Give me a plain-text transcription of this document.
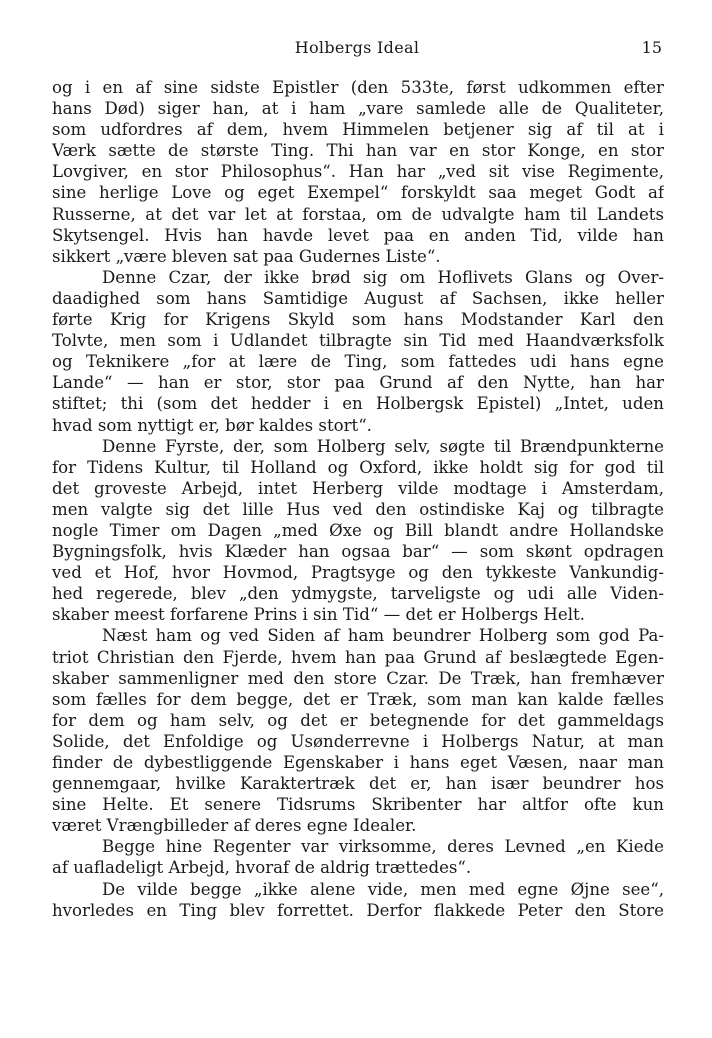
Holbergs Ideal	15
og i en af sine sidste Epistler (den 533te, først udkommen efter
hans Død) siger han, at i ham „vare samlede alle de Qualiteter,
som udfordres af dem, hvem Himmelen betjener sig af til at i
Værk sætte de største Ting. Thi han var en stor Konge, en stor
Lovgiver, en stor Philosophus“. Han har „ved sit vise Regimente,
sine herlige Love og eget Exempel“ forskyldt saa meget Godt af
Russerne, at det var let at forstaa, om de udvalgte ham til Landets
Skytsengel. Hvis han havde levet paa en anden Tid, vilde han
sikkert „være bleven sat paa Gudernes Liste“.
Denne Czar, der ikke brød sig om Hoflivets Glans og Over-
daadighed som hans Samtidige August af Sachsen, ikke heller
førte Krig for Krigens Skyld som hans Modstander Karl den
Tolvte, men som i Udlandet tilbragte sin Tid med Haandværksfolk
og Teknikere „for at lære de Ting, som fattedes udi hans egne
Lande“ — han er stor, stor paa Grund af den Nytte, han har
stiftet; thi (som det hedder i en Holbergsk Epistel) „Intet, uden
hvad som nyttigt er, bør kaldes stort“.
Denne Fyrste, der, som Holberg selv, søgte til Brændpunkterne
for Tidens Kultur, til Holland og Oxford, ikke holdt sig for god til
det groveste Arbejd, intet Herberg vilde modtage i Amsterdam,
men valgte sig det lille Hus ved den ostindiske Kaj og tilbragte
nogle Timer om Dagen „med Øxe og Bill blandt andre Hollandske
Bygningsfolk, hvis Klæder han ogsaa bar“ — som skønt opdragen
ved et Hof, hvor Hovmod, Pragtsyge og den tykkeste Vankundig-
hed regerede, blev „den ydmygste, tarveligste og udi alle Viden-
skaber meest forfarene Prins i sin Tid“ — det er Holbergs Helt.
Næst ham og ved Siden af ham beundrer Holberg som god Pa-
triot Christian den Fjerde, hvem han paa Grund af beslægtede Egen-
skaber sammenligner med den store Czar. De Træk, han fremhæver
som fælles for dem begge, det er Træk, som man kan kalde fælles
for dem og ham selv, og det er betegnende for det gammeldags
Solide, det Enfoldige og Usønderrevne i Holbergs Natur, at man
finder de dybestliggende Egenskaber i hans eget Væsen, naar man
gennemgaar, hvilke Karaktertræk det er, han især beundrer hos
sine Helte. Et senere Tidsrums Skribenter har altfor ofte kun
været Vrængbilleder af deres egne Idealer.
Begge hine Regenter var virksomme, deres Levned „en Kiede
af uafladeligt Arbejd, hvoraf de aldrig trættedes“.
De vilde begge „ikke alene vide, men med egne Øjne see“,
hvorledes en Ting blev forrettet. Derfor flakkede Peter den Store
